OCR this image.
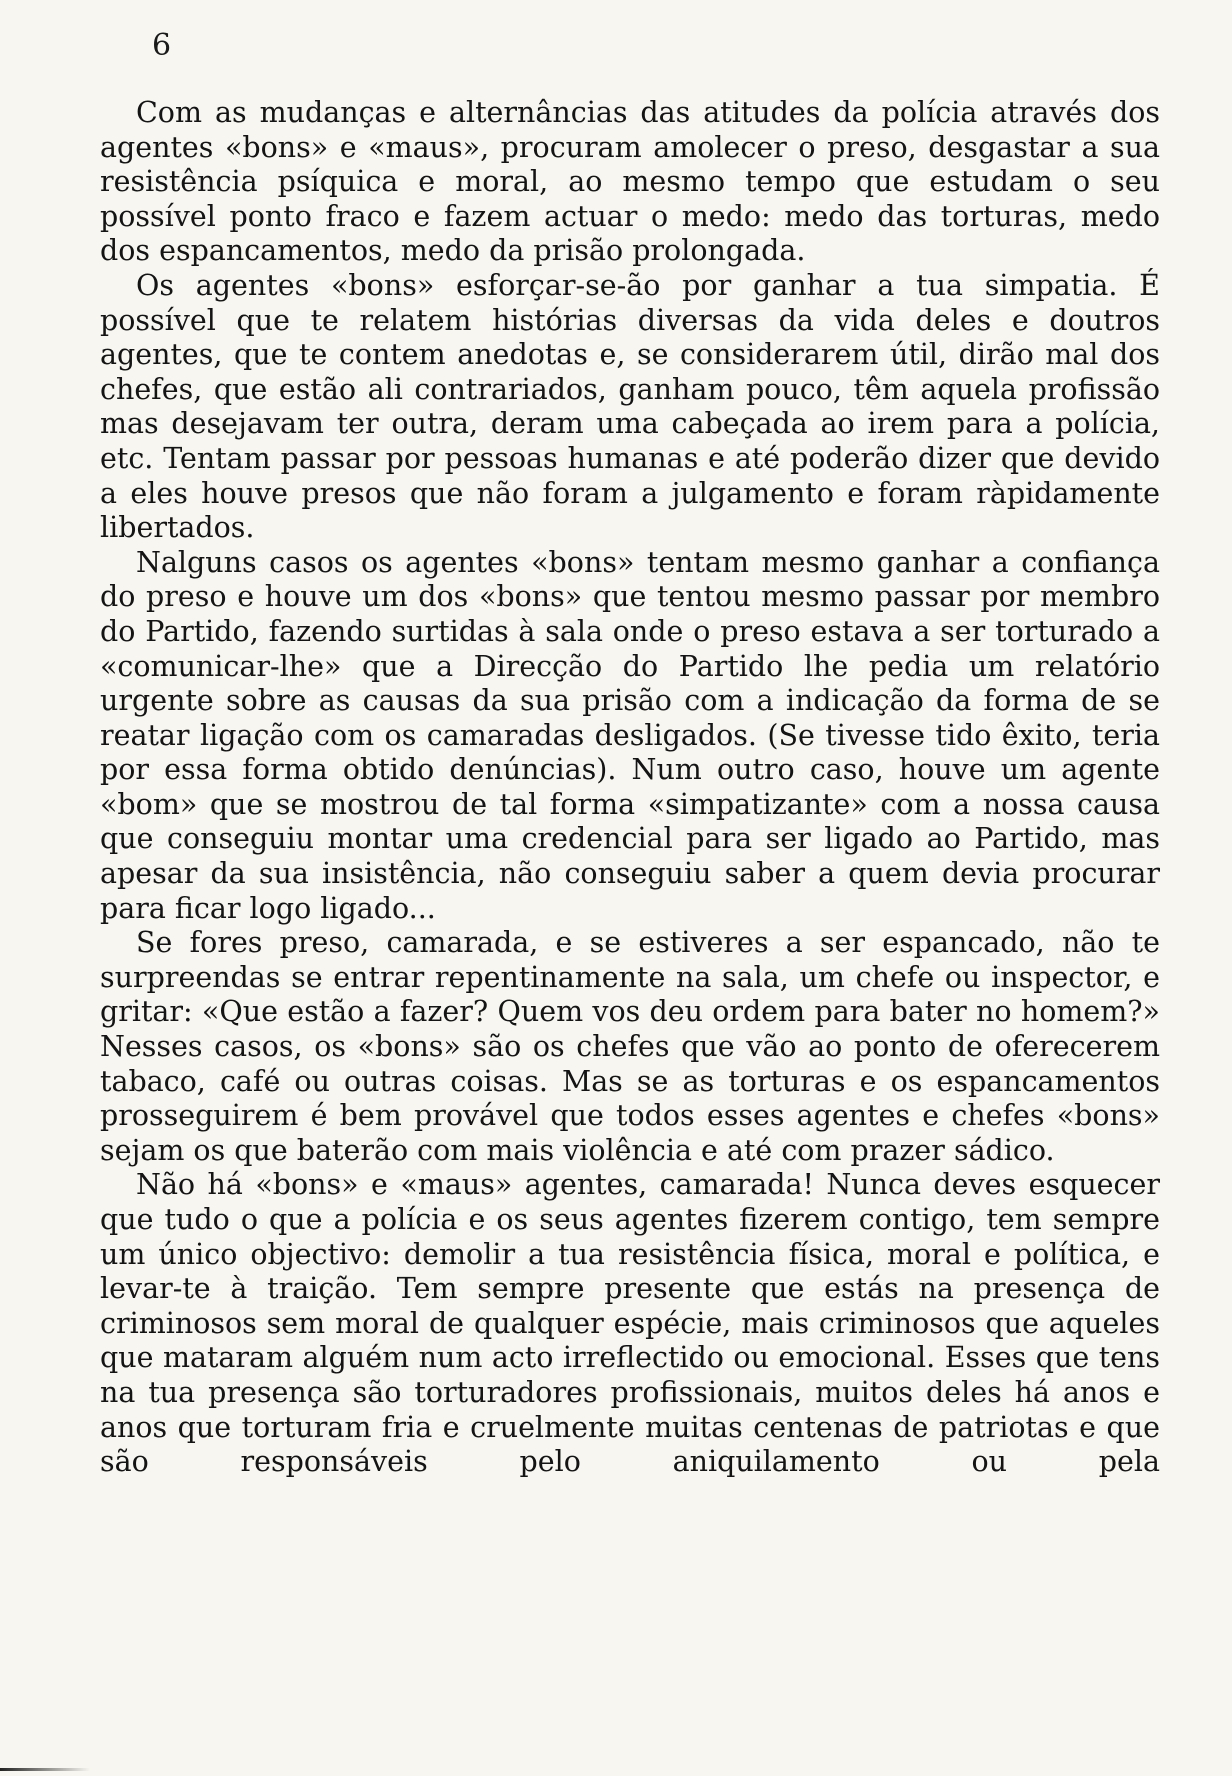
6

Com as mudanças e alternâncias das atitudes da polícia através dos agentes «bons» e «maus», procuram amolecer o preso, desgastar a sua resistência psíquica e moral, ao mesmo tempo que estudam o seu possível ponto fraco e fazem actuar o medo: medo das torturas, medo dos espancamentos, medo da prisão prolongada.

Os agentes «bons» esforçar-se-ão por ganhar a tua simpatia. É possível que te relatem histórias diversas da vida deles e doutros agentes, que te contem anedotas e, se considerarem útil, dirão mal dos chefes, que estão ali contrariados, ganham pouco, têm aquela profissão mas desejavam ter outra, deram uma cabeçada ao irem para a polícia, etc. Tentam passar por pessoas humanas e até poderão dizer que devido a eles houve presos que não foram a julgamento e foram ràpidamente libertados.

Nalguns casos os agentes «bons» tentam mesmo ganhar a confiança do preso e houve um dos «bons» que tentou mesmo passar por membro do Partido, fazendo surtidas à sala onde o preso estava a ser torturado a «comunicar-lhe» que a Direcção do Partido lhe pedia um relatório urgente sobre as causas da sua prisão com a indicação da forma de se reatar ligação com os camaradas desligados. (Se tivesse tido êxito, teria por essa forma obtido denúncias). Num outro caso, houve um agente «bom» que se mostrou de tal forma «simpatizante» com a nossa causa que conseguiu montar uma credencial para ser ligado ao Partido, mas apesar da sua insistência, não conseguiu saber a quem devia procurar para ficar logo ligado...

Se fores preso, camarada, e se estiveres a ser espancado, não te surpreendas se entrar repentinamente na sala, um chefe ou inspector, e gritar: «Que estão a fazer? Quem vos deu ordem para bater no homem?» Nesses casos, os «bons» são os chefes que vão ao ponto de oferecerem tabaco, café ou outras coisas. Mas se as torturas e os espancamentos prosseguirem é bem provável que todos esses agentes e chefes «bons» sejam os que baterão com mais violência e até com prazer sádico.

Não há «bons» e «maus» agentes, camarada! Nunca deves esquecer que tudo o que a polícia e os seus agentes fizerem contigo, tem sempre um único objectivo: demolir a tua resistência física, moral e política, e levar-te à traição. Tem sempre presente que estás na presença de criminosos sem moral de qualquer espécie, mais criminosos que aqueles que mataram alguém num acto irreflectido ou emocional. Esses que tens na tua presença são torturadores profissionais, muitos deles há anos e anos que torturam fria e cruelmente muitas centenas de patriotas e que são responsáveis pelo aniquilamento ou pela
